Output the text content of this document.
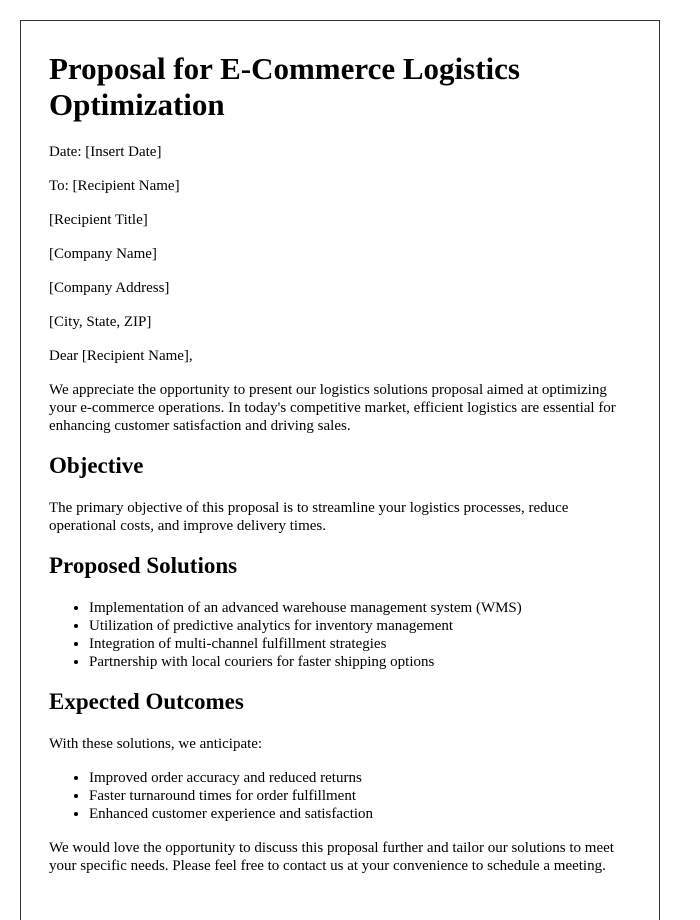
Proposal for E-Commerce Logistics Optimization

Date: [Insert Date]

To: [Recipient Name]

[Recipient Title]

[Company Name]

[Company Address]

[City, State, ZIP]

Dear [Recipient Name],

We appreciate the opportunity to present our logistics solutions proposal aimed at optimizing your e-commerce operations. In today's competitive market, efficient logistics are essential for enhancing customer satisfaction and driving sales.

Objective

The primary objective of this proposal is to streamline your logistics processes, reduce operational costs, and improve delivery times.

Proposed Solutions
• Implementation of an advanced warehouse management system (WMS)
• Utilization of predictive analytics for inventory management
• Integration of multi-channel fulfillment strategies
• Partnership with local couriers for faster shipping options
Expected Outcomes

With these solutions, we anticipate:

• Improved order accuracy and reduced returns
• Faster turnaround times for order fulfillment
• Enhanced customer experience and satisfaction

We would love the opportunity to discuss this proposal further and tailor our solutions to meet your specific needs. Please feel free to contact us at your convenience to schedule a meeting.
